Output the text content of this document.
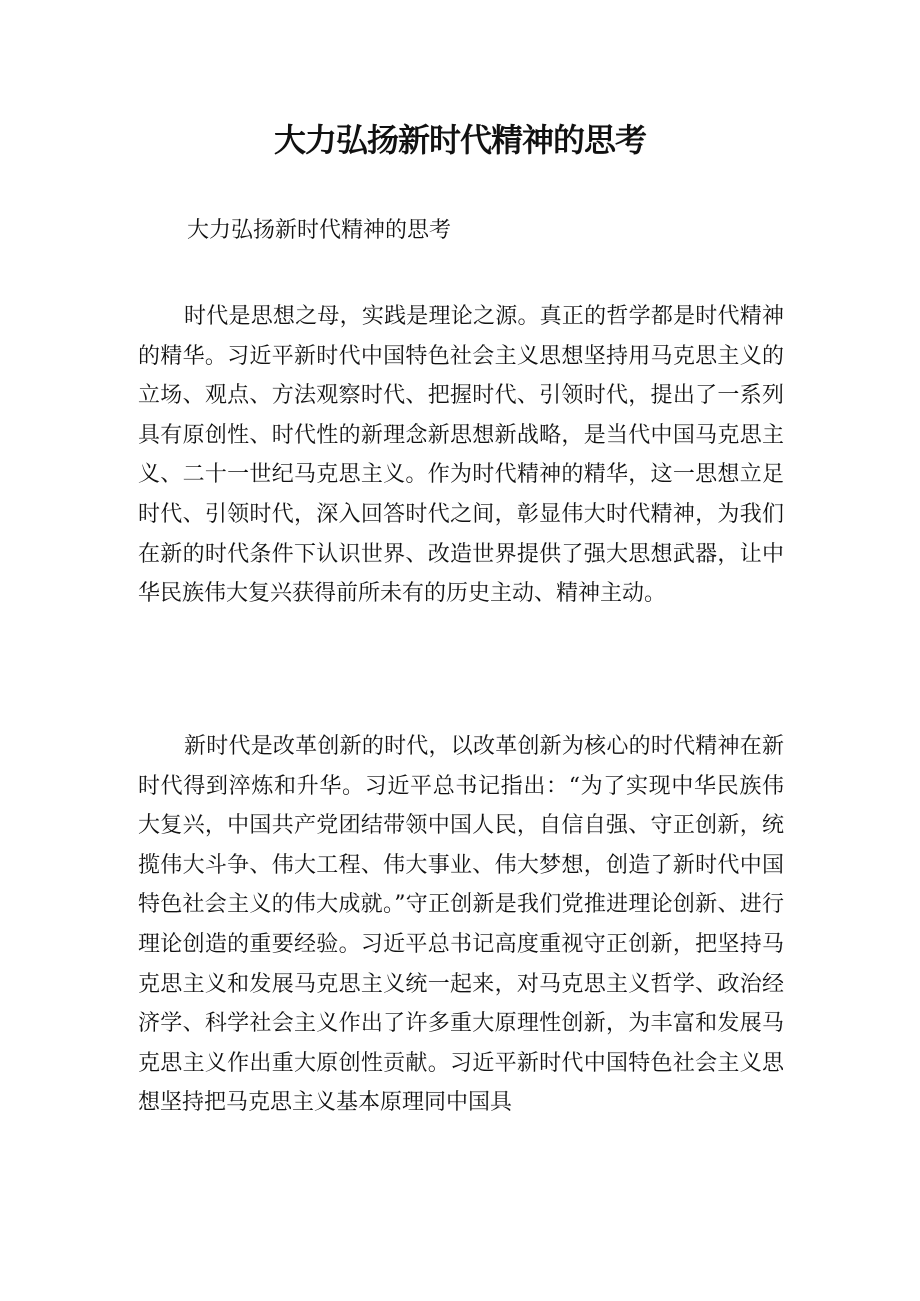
大力弘扬新时代精神的思考

大力弘扬新时代精神的思考

时代是思想之母，实践是理论之源。真正的哲学都是时代精神的精华。习近平新时代中国特色社会主义思想坚持用马克思主义的立场、观点、方法观察时代、把握时代、引领时代，提出了一系列具有原创性、时代性的新理念新思想新战略，是当代中国马克思主义、二十一世纪马克思主义。作为时代精神的精华，这一思想立足时代、引领时代，深入回答时代之间，彰显伟大时代精神，为我们在新的时代条件下认识世界、改造世界提供了强大思想武器，让中华民族伟大复兴获得前所未有的历史主动、精神主动。

新时代是改革创新的时代，以改革创新为核心的时代精神在新时代得到淬炼和升华。习近平总书记指出：“为了实现中华民族伟大复兴，中国共产党团结带领中国人民，自信自强、守正创新，统揽伟大斗争、伟大工程、伟大事业、伟大梦想，创造了新时代中国特色社会主义的伟大成就。”守正创新是我们党推进理论创新、进行理论创造的重要经验。习近平总书记高度重视守正创新，把坚持马克思主义和发展马克思主义统一起来，对马克思主义哲学、政治经济学、科学社会主义作出了许多重大原理性创新，为丰富和发展马克思主义作出重大原创性贡献。习近平新时代中国特色社会主义思想坚持把马克思主义基本原理同中国具
